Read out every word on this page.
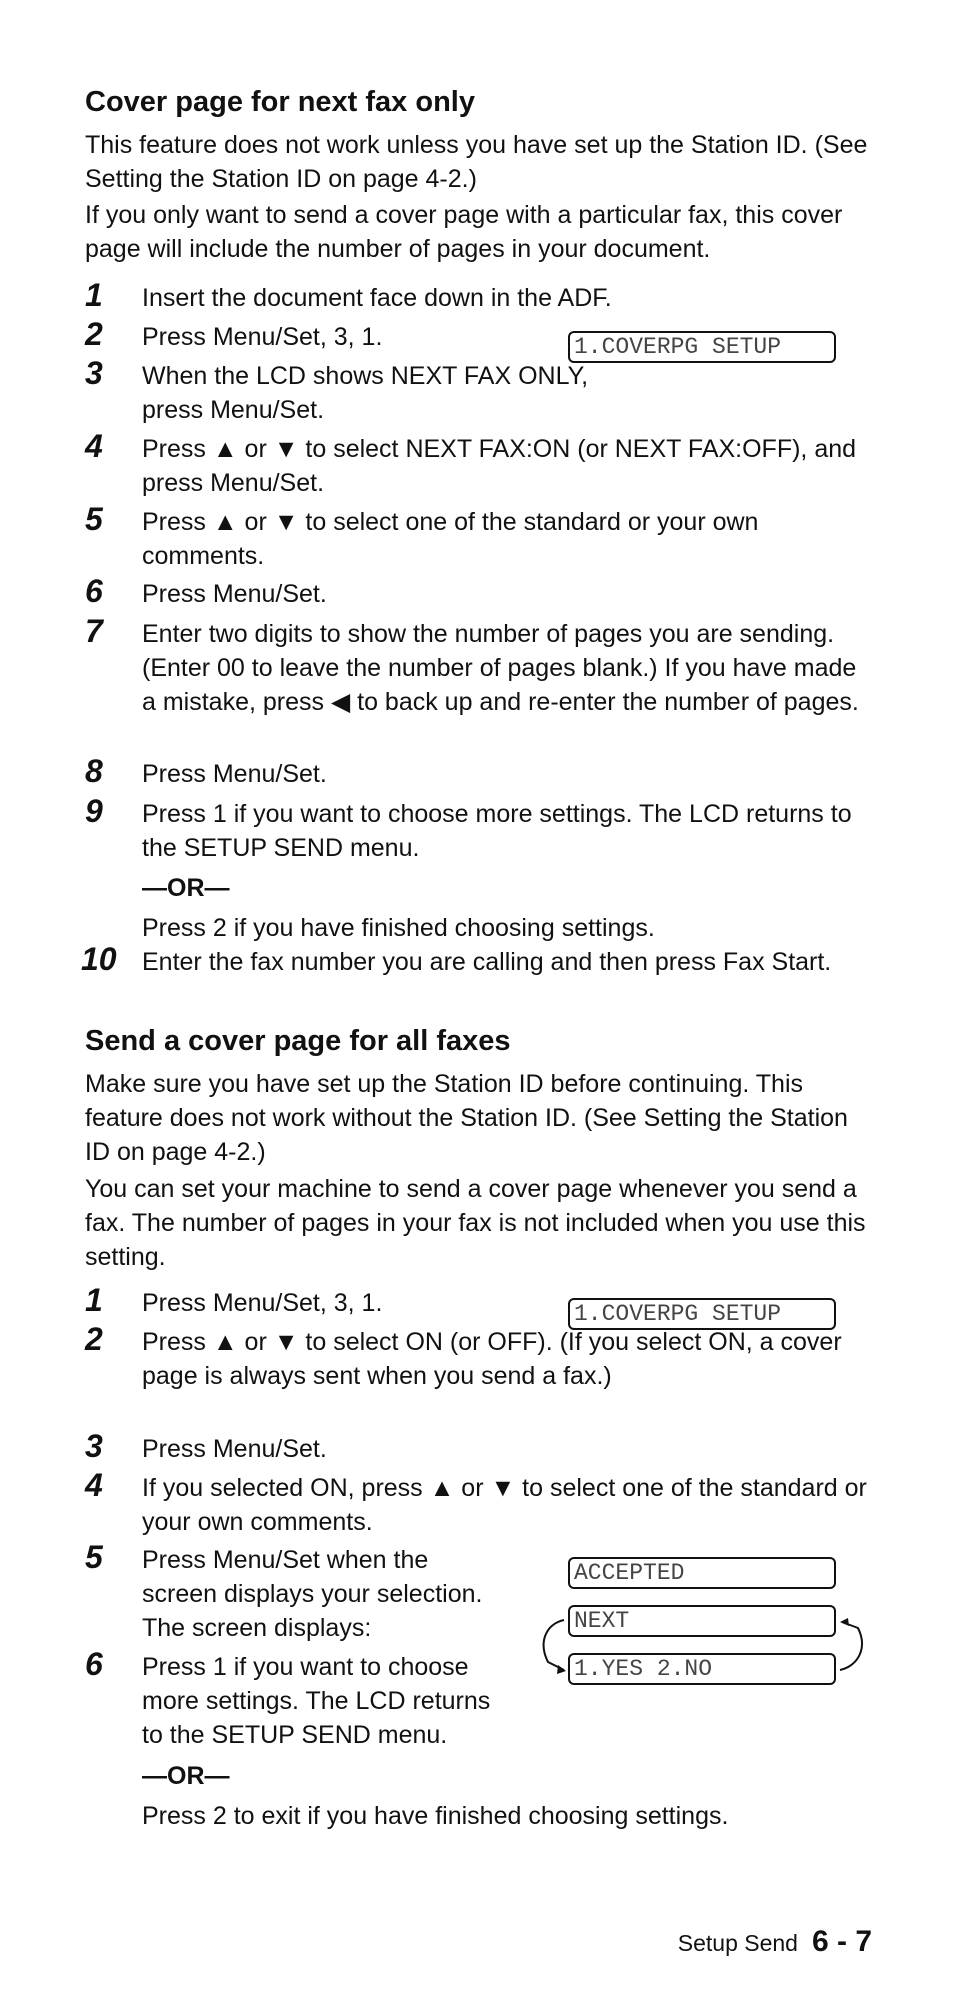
Cover page for next fax only

This feature does not work unless you have set up the Station ID. (See Setting the Station ID on page 4-2.)

If you only want to send a cover page with a particular fax, this cover page will include the number of pages in your document.

1.COVERPG SETUP
1	Insert the document face down in the ADF.
2	Press Menu/Set, 3, 1.
3	When the LCD shows NEXT FAX ONLY, press Menu/Set.
4	Press ▲ or ▼ to select NEXT FAX:ON (or NEXT FAX:OFF), and press Menu/Set.
5	Press ▲ or ▼ to select one of the standard or your own comments.
6	Press Menu/Set.
7	Enter two digits to show the number of pages you are sending. (Enter 00 to leave the number of pages blank.) If you have made a mistake, press ◀ to back up and re-enter the number of pages.
8	Press Menu/Set.
9	Press 1 if you want to choose more settings. The LCD returns to the SETUP SEND menu.
—OR—
Press 2 if you have finished choosing settings.
10 Enter the fax number you are calling and then press Fax Start.
Send a cover page for all faxes

Make sure you have set up the Station ID before continuing. This feature does not work without the Station ID. (See Setting the Station ID on page 4-2.)

You can set your machine to send a cover page whenever you send a fax. The number of pages in your fax is not included when you use this setting.

1.COVERPG SETUP
1	Press Menu/Set, 3, 1.
2	Press ▲ or ▼ to select ON (or OFF). (If you select ON, a cover page is always sent when you send a fax.)
3	Press Menu/Set.
4	If you selected ON, press ▲ or ▼ to select one of the standard or your own comments.
ACCEPTED
NEXT
1.YES 2.NO
5	Press Menu/Set when the screen displays your selection. The screen displays:
6	Press 1 if you want to choose more settings. The LCD returns to the SETUP SEND menu.
—OR—
Press 2 to exit if you have finished choosing settings.
Setup Send 6 - 7
